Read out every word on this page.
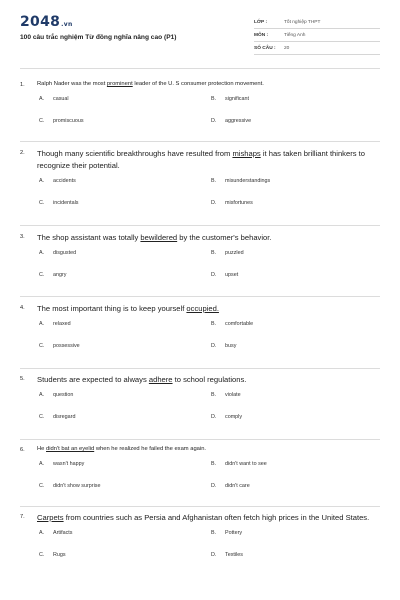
2048.vn
100 câu trắc nghiệm Từ đồng nghĩa nâng cao (P1)
LỚP :	Tốt nghiệp THPT
MÔN :	Tiếng Anh
SỐ CÂU :	20
1.	Ralph Nader was the most prominent leader of the U. S consumer protection movement.
A.	casual	B.	significant
C.	promiscuous	D.	aggressive
2.	Though many scientific breakthroughs have resulted from mishaps it has taken brilliant thinkers to recognize their potential.
A.	accidents	B.	misunderstandings
C.	incidentals	D.	misfortunes
3.	The shop assistant was totally bewildered by the customer's behavior.
A.	disgusted	B.	puzzled
C.	angry	D.	upset
4.	The most important thing is to keep yourself occupied.
A.	relaxed	B.	comfortable
C.	possessive	D.	busy
5.	Students are expected to always adhere to school regulations.
A.	question	B.	violate
C.	disregard	D.	comply
6.	He didn't bat an eyelid when he realized he failed the exam again.
A.	wasn't happy	B.	didn't want to see
C.	didn't show surprise	D.	didn't care
7.	Carpets from countries such as Persia and Afghanistan often fetch high prices in the United States.
A.	Artifacts	B.	Pottery
C.	Rugs	D.	Textiles
